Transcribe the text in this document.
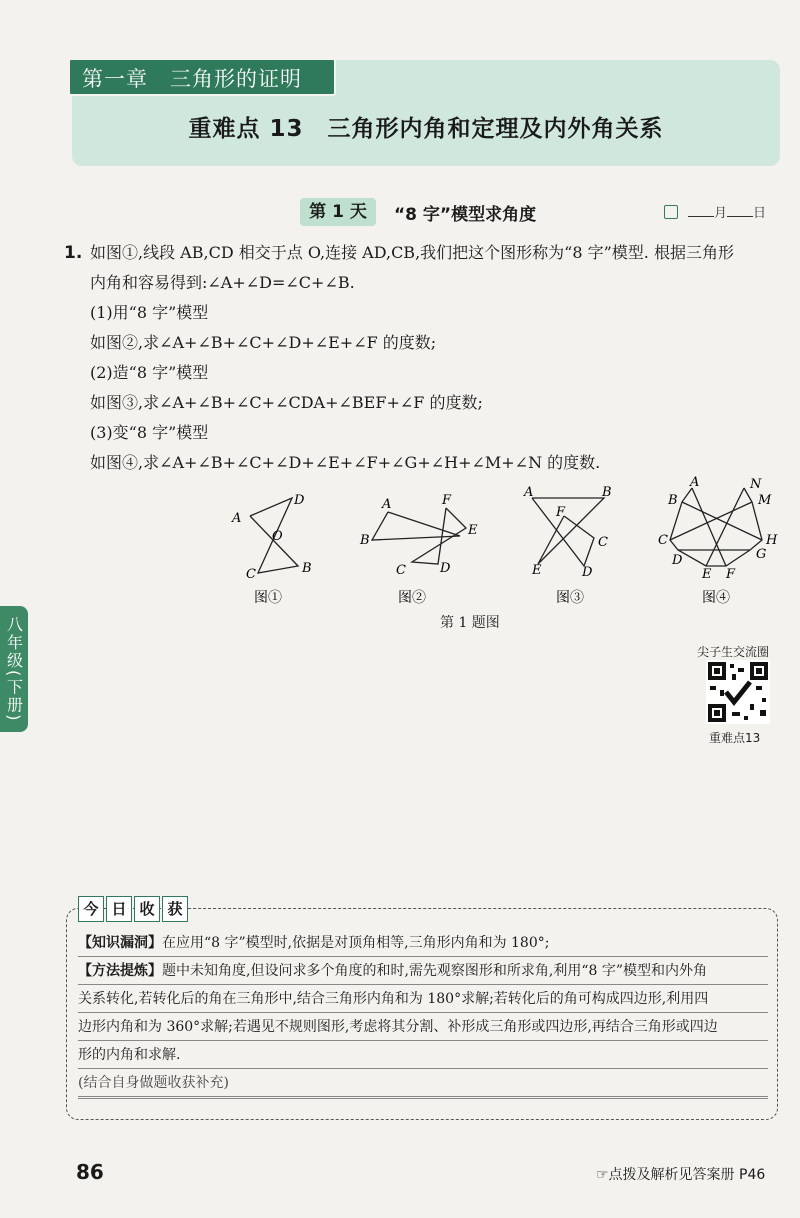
第一章　三角形的证明
重难点 13　三角形内角和定理及内外角关系
第 1 天	“8 字”模型求角度	月 日
1. 如图①,线段 AB,CD 相交于点 O,连接 AD,CB,我们把这个图形称为“8 字”模型. 根据三角形
内角和容易得到:∠A+∠D=∠C+∠B.
(1)用“8 字”模型
如图②,求∠A+∠B+∠C+∠D+∠E+∠F 的度数;
(2)造“8 字”模型
如图③,求∠A+∠B+∠C+∠CDA+∠BEF+∠F 的度数;
(3)变“8 字”模型
如图④,求∠A+∠B+∠C+∠D+∠E+∠F+∠G+∠H+∠M+∠N 的度数.
A
D
O
C	B
图①
A	F
B
E
C	D
图②
A	B
F
C
E	D
图③
A	N
B	M
C	H
D	G
E F
图④
第 1 题图
尖子生交流圈
重难点13
八年级(下册)
今 日 收 获
【知识漏洞】在应用“8 字”模型时,依据是对顶角相等,三角形内角和为 180°;
【方法提炼】题中未知角度,但设问求多个角度的和时,需先观察图形和所求角,利用“8 字”模型和内外角
关系转化,若转化后的角在三角形中,结合三角形内角和为 180°求解;若转化后的角可构成四边形,利用四
边形内角和为 360°求解;若遇见不规则图形,考虑将其分割、补形成三角形或四边形,再结合三角形或四边
形的内角和求解.
(结合自身做题收获补充)
86	☞点拨及解析见答案册 P46
